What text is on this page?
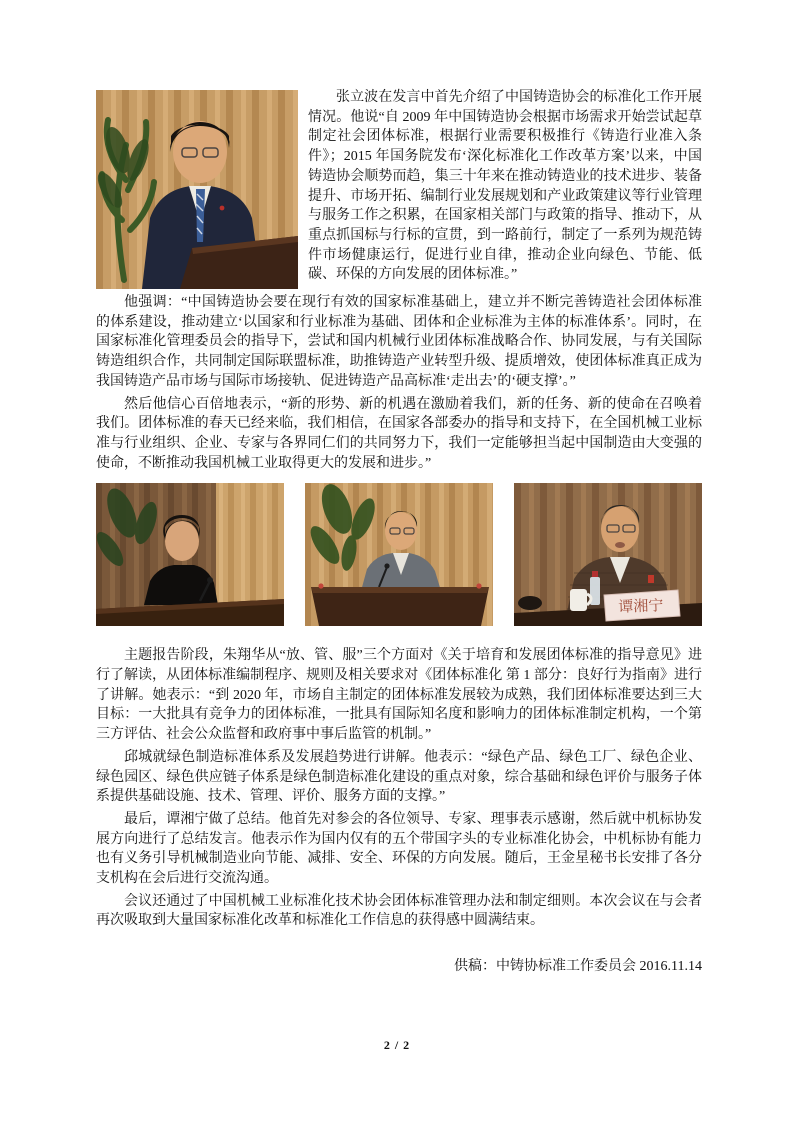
张立波在发言中首先介绍了中国铸造协会的标准化工作开展情况。他说“自 2009 年中国铸造协会根据市场需求开始尝试起草制定社会团体标准，根据行业需要积极推行《铸造行业准入条件》；2015 年国务院发布‘深化标准化工作改革方案’以来，中国铸造协会顺势而趋，集三十年来在推动铸造业的技术进步、装备提升、市场开拓、编制行业发展规划和产业政策建议等行业管理与服务工作之积累，在国家相关部门与政策的指导、推动下，从重点抓国标与行标的宣贯，到一路前行，制定了一系列为规范铸件市场健康运行，促进行业自律，推动企业向绿色、节能、低碳、环保的方向发展的团体标准。”

他强调：“中国铸造协会要在现行有效的国家标准基础上，建立并不断完善铸造社会团体标准的体系建设，推动建立‘以国家和行业标准为基础、团体和企业标准为主体的标准体系’。同时，在国家标准化管理委员会的指导下，尝试和国内机械行业团体标准战略合作、协同发展，与有关国际铸造组织合作，共同制定国际联盟标准，助推铸造产业转型升级、提质增效，使团体标准真正成为我国铸造产品市场与国际市场接轨、促进铸造产品高标准‘走出去’的‘硬支撑’。”

然后他信心百倍地表示，“新的形势、新的机遇在激励着我们，新的任务、新的使命在召唤着我们。团体标准的春天已经来临，我们相信，在国家各部委办的指导和支持下，在全国机械工业标准与行业组织、企业、专家与各界同仁们的共同努力下，我们一定能够担当起中国制造由大变强的使命，不断推动我国机械工业取得更大的发展和进步。”

谭湘宁

主题报告阶段，朱翔华从“放、管、服”三个方面对《关于培育和发展团体标准的指导意见》进行了解读，从团体标准编制程序、规则及相关要求对《团体标准化 第 1 部分：良好行为指南》进行了讲解。她表示：“到 2020 年，市场自主制定的团体标准发展较为成熟，我们团体标准要达到三大目标：一大批具有竞争力的团体标准，一批具有国际知名度和影响力的团体标准制定机构，一个第三方评估、社会公众监督和政府事中事后监管的机制。”

邱城就绿色制造标准体系及发展趋势进行讲解。他表示：“绿色产品、绿色工厂、绿色企业、绿色园区、绿色供应链子体系是绿色制造标准化建设的重点对象，综合基础和绿色评价与服务子体系提供基础设施、技术、管理、评价、服务方面的支撑。”

最后，谭湘宁做了总结。他首先对参会的各位领导、专家、理事表示感谢，然后就中机标协发展方向进行了总结发言。他表示作为国内仅有的五个带国字头的专业标准化协会，中机标协有能力也有义务引导机械制造业向节能、减排、安全、环保的方向发展。随后，王金星秘书长安排了各分支机构在会后进行交流沟通。

会议还通过了中国机械工业标准化技术协会团体标准管理办法和制定细则。本次会议在与会者再次吸取到大量国家标准化改革和标准化工作信息的获得感中圆满结束。

供稿：中铸协标准工作委员会 2016.11.14
2 / 2
